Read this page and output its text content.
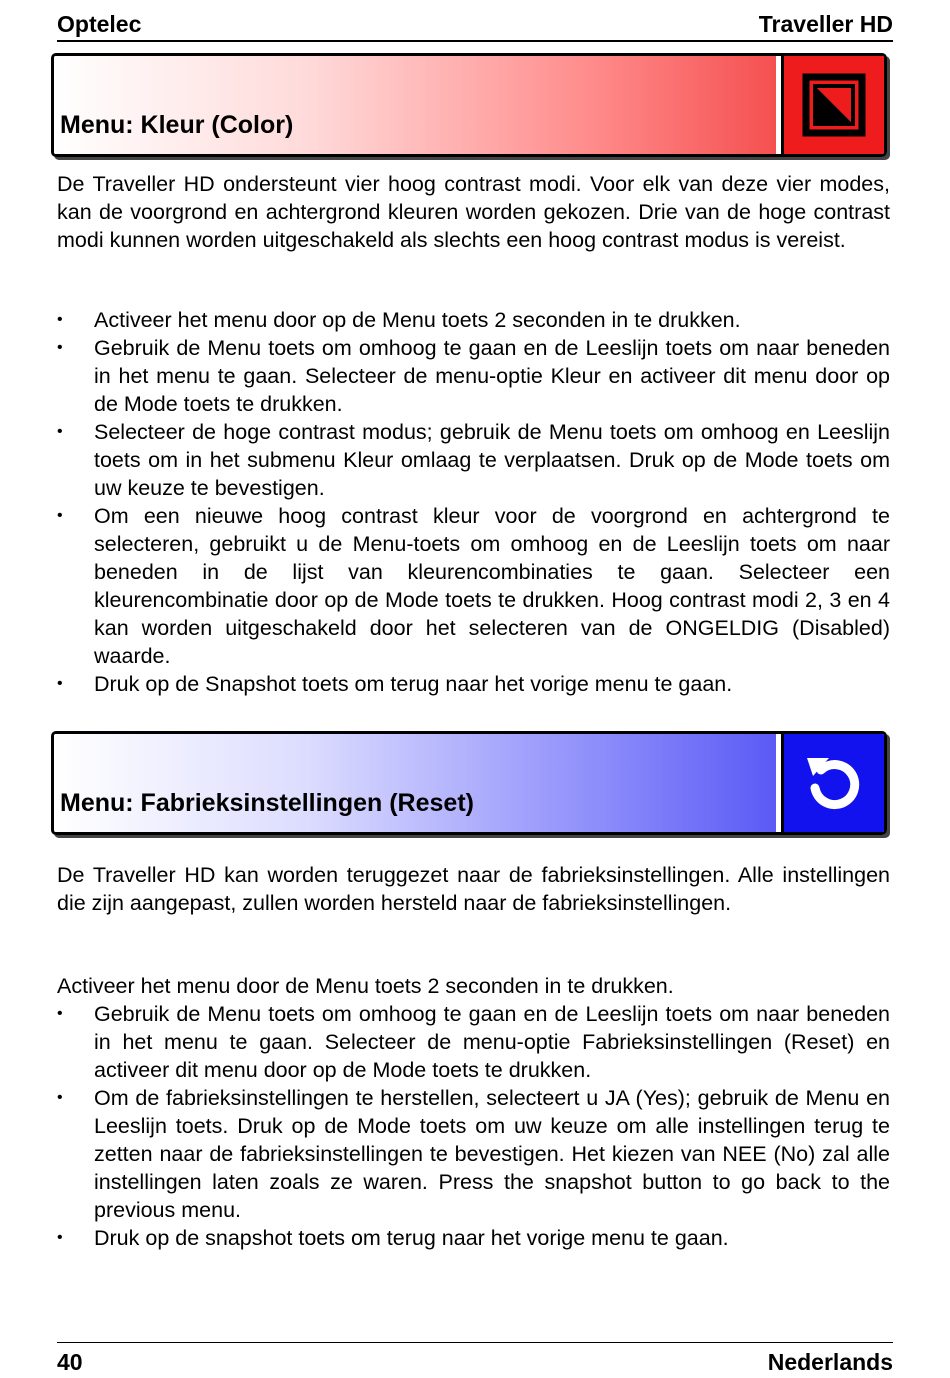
Optelec	Traveller HD
Menu: Kleur (Color)
De Traveller HD ondersteunt vier hoog contrast modi. Voor elk van deze vier modes, kan de voorgrond en achtergrond kleuren worden gekozen. Drie van de hoge contrast modi kunnen worden uitgeschakeld als slechts een hoog contrast modus is vereist.
• Activeer het menu door op de Menu toets 2 seconden in te drukken.
• Gebruik de Menu toets om omhoog te gaan en de Leeslijn toets om naar beneden in het menu te gaan. Selecteer de menu-optie Kleur en activeer dit menu door op de Mode toets te drukken.
• Selecteer de hoge contrast modus; gebruik de Menu toets om omhoog en Leeslijn toets om in het submenu Kleur omlaag te verplaatsen. Druk op de Mode toets om uw keuze te bevestigen.
• Om een nieuwe hoog contrast kleur voor de voorgrond en achtergrond te selecteren, gebruikt u de Menu-toets om omhoog en de Leeslijn toets om naar beneden in de lijst van kleurencombinaties te gaan. Selecteer een kleurencombinatie door op de Mode toets te drukken. Hoog contrast modi 2, 3 en 4 kan worden uitgeschakeld door het selecteren van de ONGELDIG (Disabled) waarde.
• Druk op de Snapshot toets om terug naar het vorige menu te gaan.
Menu: Fabrieksinstellingen (Reset)
De Traveller HD kan worden teruggezet naar de fabrieksinstellingen. Alle instellingen die zijn aangepast, zullen worden hersteld naar de fabrieksinstellingen.
Activeer het menu door de Menu toets 2 seconden in te drukken.
• Gebruik de Menu toets om omhoog te gaan en de Leeslijn toets om naar beneden in het menu te gaan. Selecteer de menu-optie Fabrieksinstellingen (Reset) en activeer dit menu door op de Mode toets te drukken.
• Om de fabrieksinstellingen te herstellen, selecteert u JA (Yes); gebruik de Menu en Leeslijn toets. Druk op de Mode toets om uw keuze om alle instellingen terug te zetten naar de fabrieksinstellingen te bevestigen. Het kiezen van NEE (No) zal alle instellingen laten zoals ze waren. Press the snapshot button to go back to the previous menu.
• Druk op de snapshot toets om terug naar het vorige menu te gaan.
40	Nederlands
